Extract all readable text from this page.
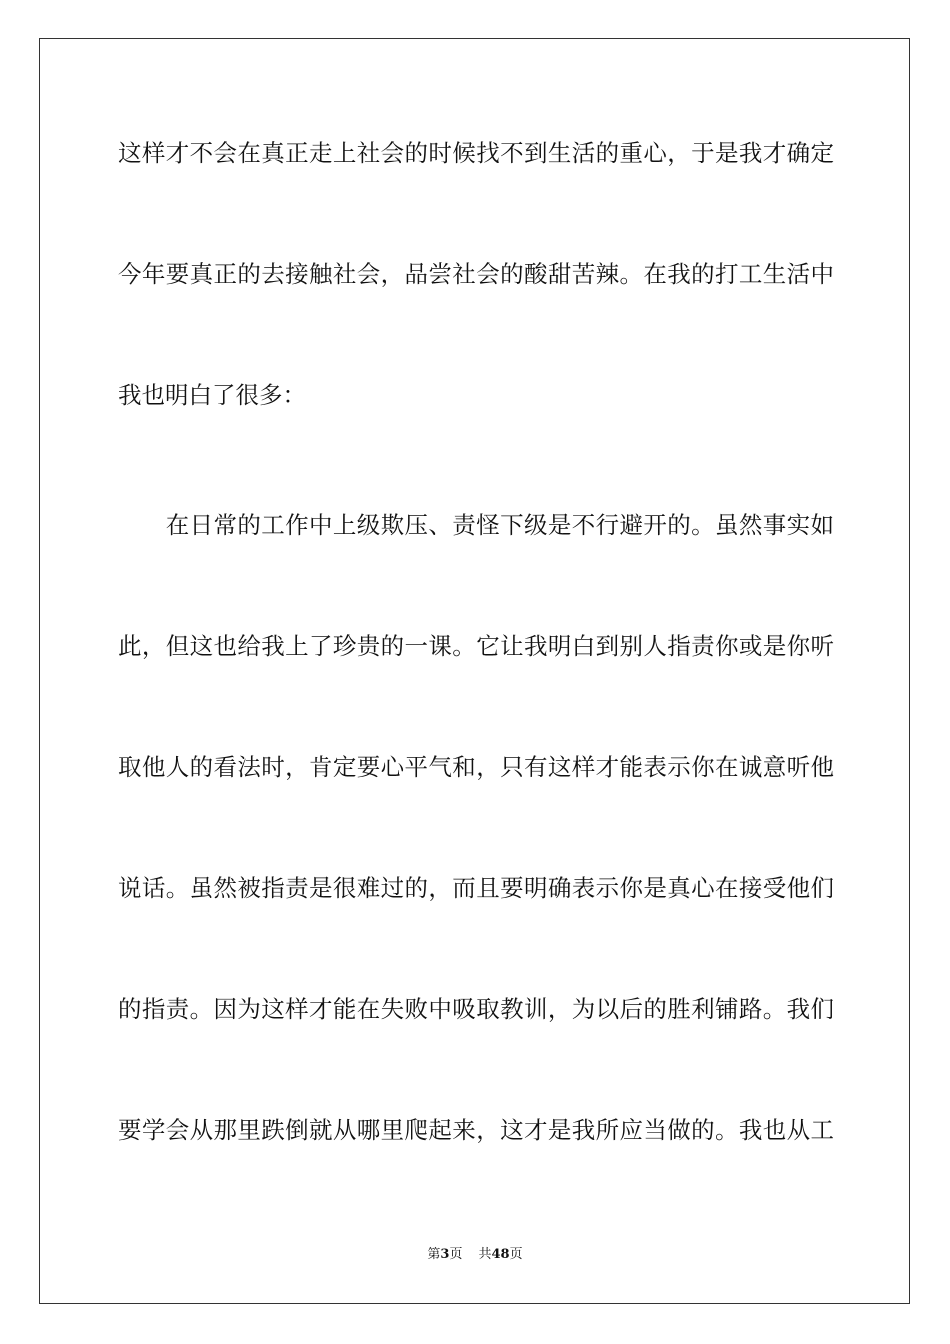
这样才不会在真正走上社会的时候找不到生活的重心，于是我才确定
今年要真正的去接触社会，品尝社会的酸甜苦辣。在我的打工生活中
我也明白了很多：
　　在日常的工作中上级欺压、责怪下级是不行避开的。虽然事实如
此，但这也给我上了珍贵的一课。它让我明白到别人指责你或是你听
取他人的看法时，肯定要心平气和，只有这样才能表示你在诚意听他
说话。虽然被指责是很难过的，而且要明确表示你是真心在接受他们
的指责。因为这样才能在失败中吸取教训，为以后的胜利铺路。我们
要学会从那里跌倒就从哪里爬起来，这才是我所应当做的。我也从工
第3页 共48页
